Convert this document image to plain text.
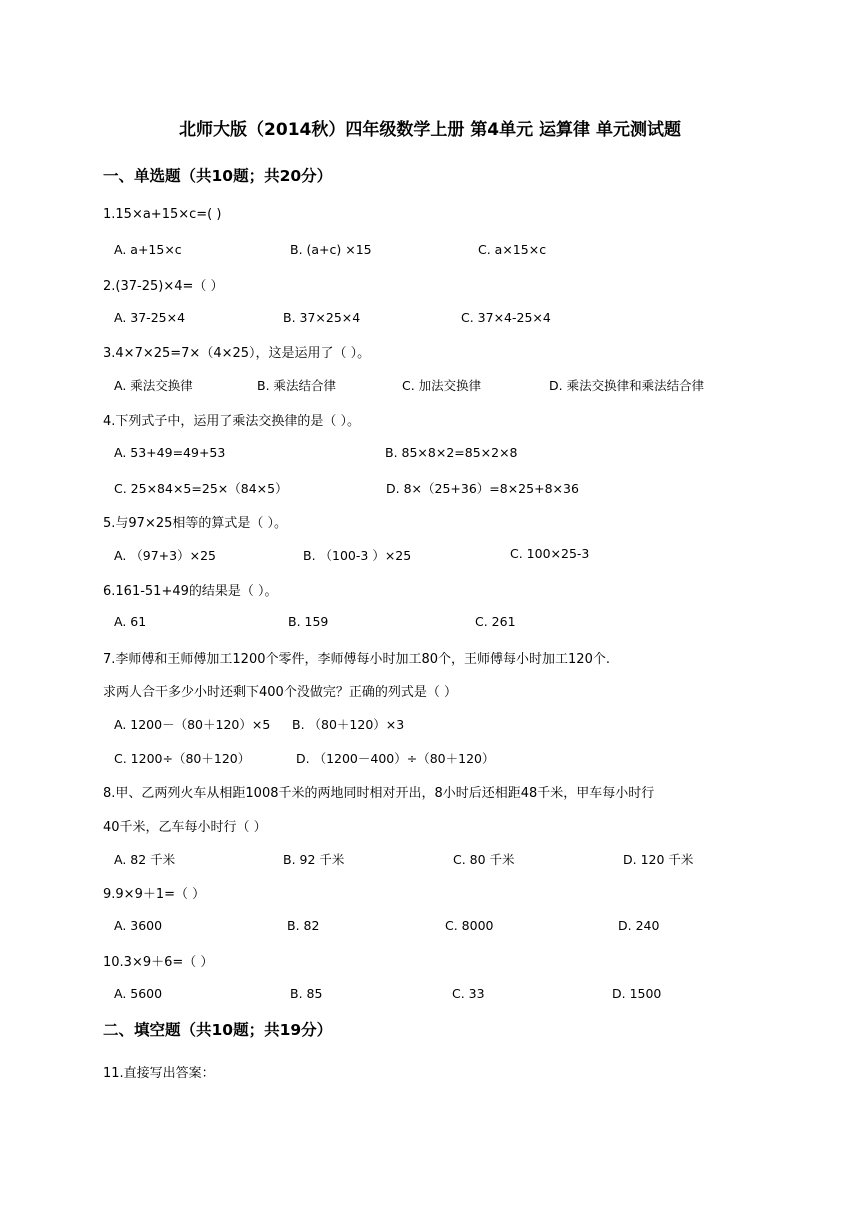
北师大版（2014秋）四年级数学上册 第4单元 运算律 单元测试题
一、单选题（共10题；共20分）
1.15×a+15×c=( )
A. a+15×c	B. (a+c) ×15	C. a×15×c
2.(37-25)×4=（ ）
A. 37-25×4	B. 37×25×4	C. 37×4-25×4
3.4×7×25=7×（4×25），这是运用了（ ）。
A. 乘法交换律	B. 乘法结合律	C. 加法交换律	D. 乘法交换律和乘法结合律
4.下列式子中，运用了乘法交换律的是（ ）。
A. 53+49=49+53	B. 85×8×2=85×2×8
C. 25×84×5=25×（84×5）	D. 8×（25+36）=8×25+8×36
5.与97×25相等的算式是（ ）。
A. （97+3）×25	B. （100-3 ）×25	C. 100×25-3
6.161-51+49的结果是（ ）。
A. 61	B. 159	C. 261
7.李师傅和王师傅加工1200个零件，李师傅每小时加工80个，王师傅每小时加工120个.
求两人合干多少小时还剩下400个没做完？正确的列式是（ ）
A. 1200－（80＋120）×5 B. （80＋120）×3
C. 1200÷（80＋120）	D. （1200－400）÷（80＋120）
8.甲、乙两列火车从相距1008千米的两地同时相对开出，8小时后还相距48千米，甲车每小时行
40千米，乙车每小时行（ ）
A. 82 千米	B. 92 千米	C. 80 千米	D. 120 千米
9.9×9＋1=（ ）
A. 3600	B. 82	C. 8000	D. 240
10.3×9＋6=（ ）
A. 5600	B. 85	C. 33	D. 1500
二、填空题（共10题；共19分）
11.直接写出答案：
